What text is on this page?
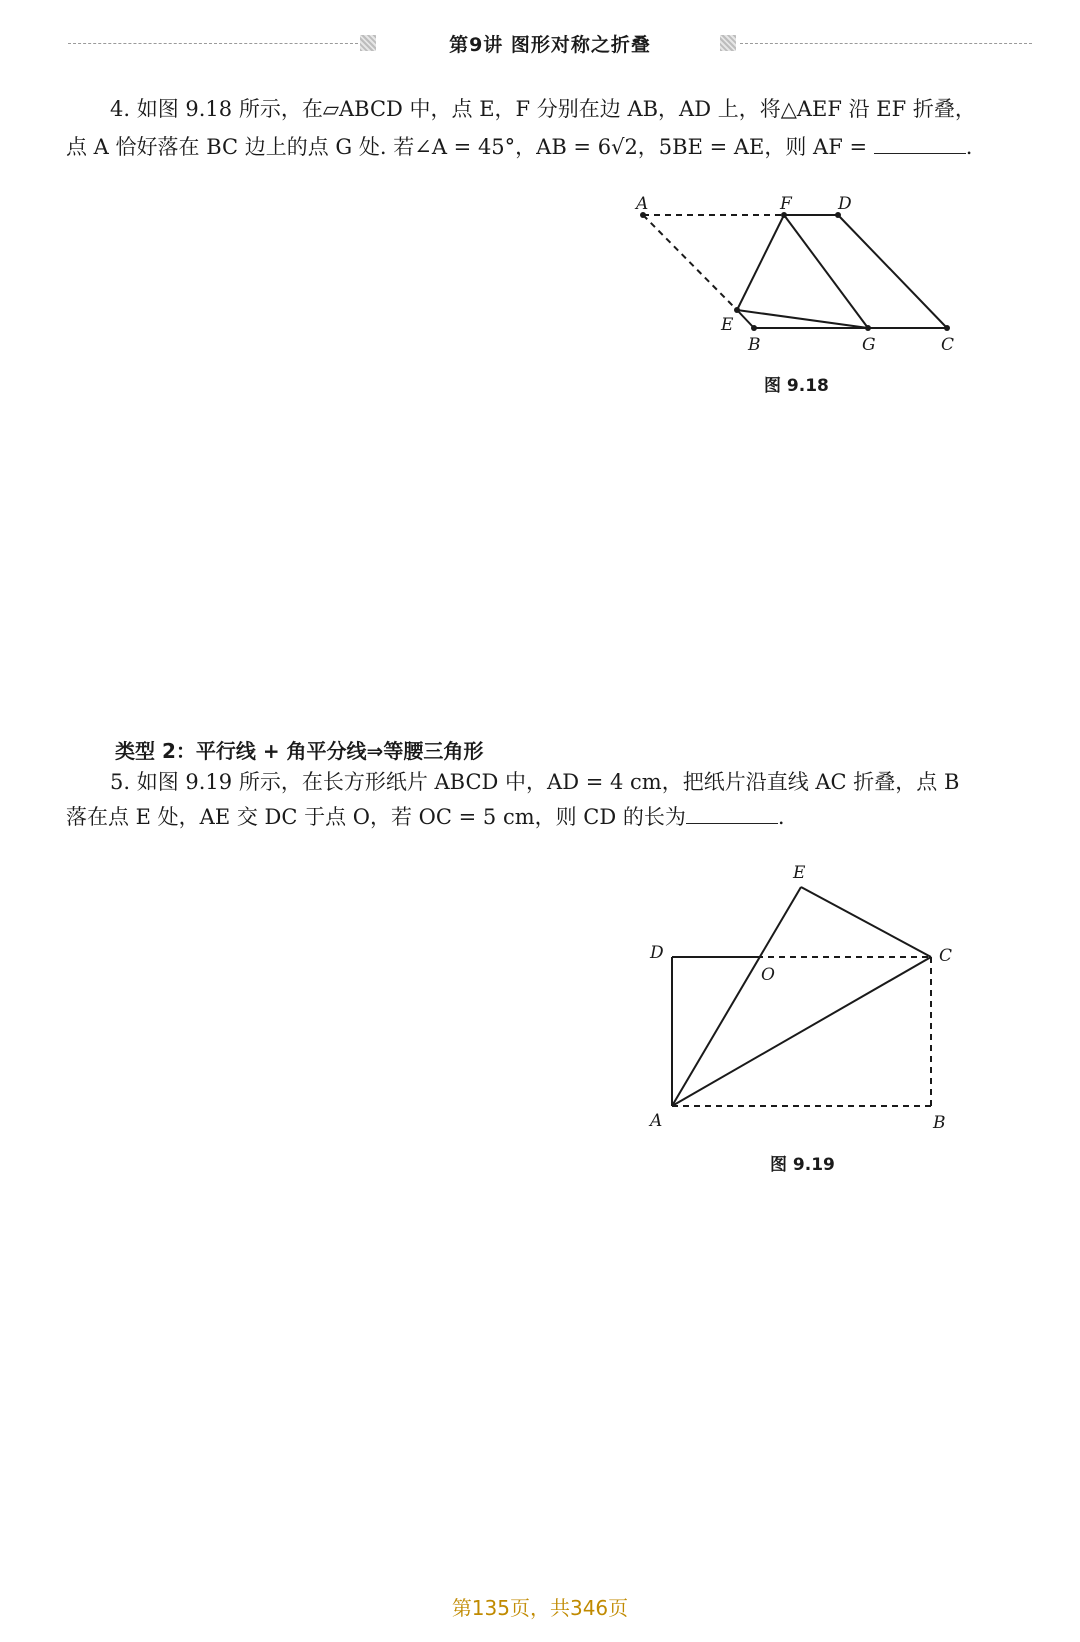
第9讲 图形对称之折叠

4. 如图 9.18 所示，在▱ABCD 中，点 E，F 分别在边 AB，AD 上，将△AEF 沿 EF 折叠，

点 A 恰好落在 BC 边上的点 G 处. 若∠A = 45°，AB = 6√2，5BE = AE，则 AF =	.

A	F	D
E
B	G	C
E
D
O
C
A	B
图 9.18

类型 2：平行线 + 角平分线⇒等腰三角形

5. 如图 9.19 所示，在长方形纸片 ABCD 中，AD = 4 cm，把纸片沿直线 AC 折叠，点 B

落在点 E 处，AE 交 DC 于点 O，若 OC = 5 cm，则 CD 的长为	.

图 9.19
第135页，共346页
